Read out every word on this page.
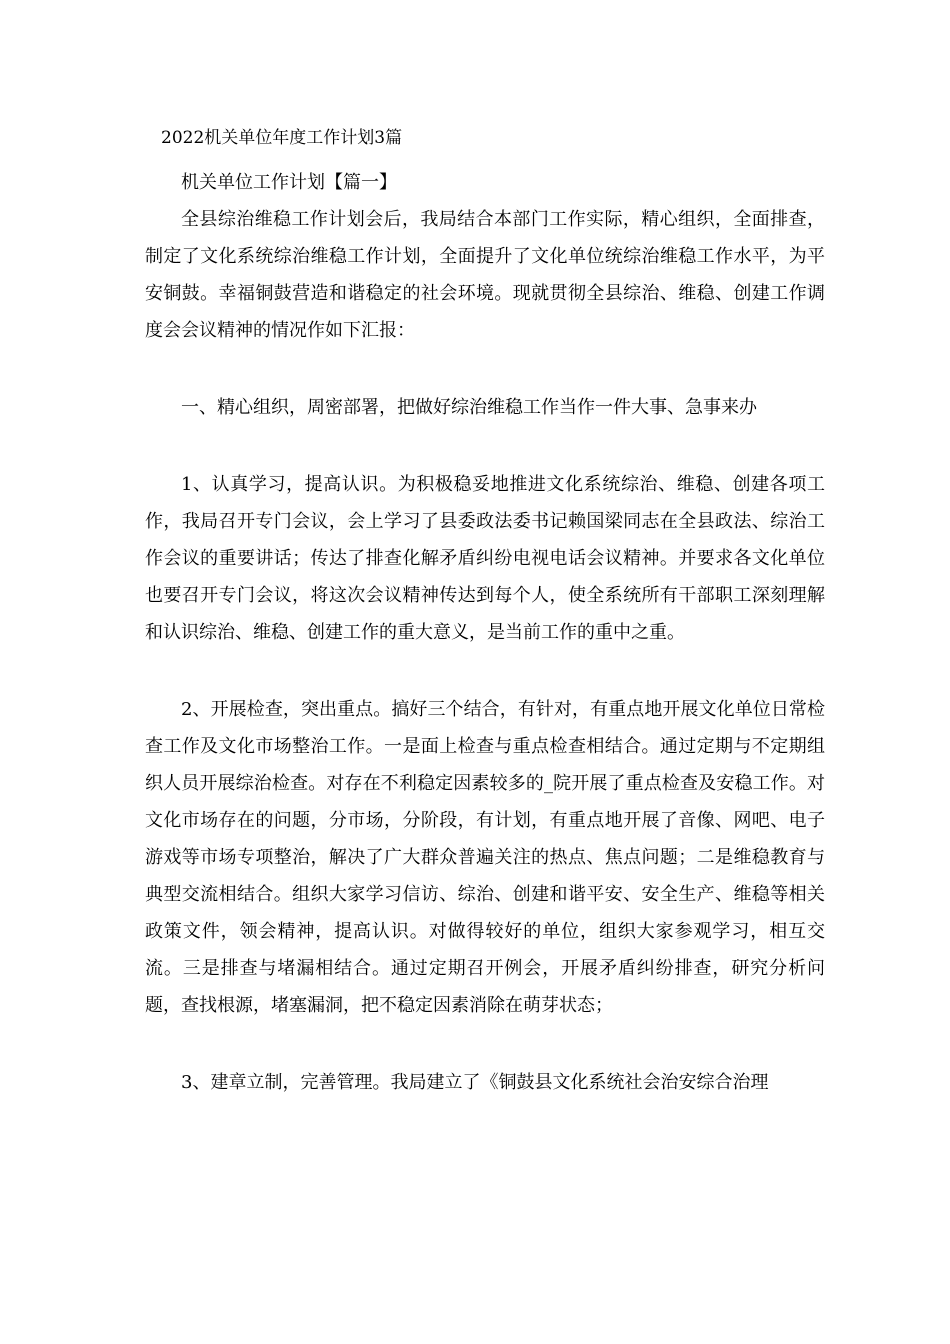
2022机关单位年度工作计划3篇

机关单位工作计划【篇一】

全县综治维稳工作计划会后，我局结合本部门工作实际，精心组织，全面排查，制定了文化系统综治维稳工作计划，全面提升了文化单位统综治维稳工作水平，为平安铜鼓。幸福铜鼓营造和谐稳定的社会环境。现就贯彻全县综治、维稳、创建工作调度会会议精神的情况作如下汇报：

一、精心组织，周密部署，把做好综治维稳工作当作一件大事、急事来办

1、认真学习，提高认识。为积极稳妥地推进文化系统综治、维稳、创建各项工作，我局召开专门会议，会上学习了县委政法委书记赖国梁同志在全县政法、综治工作会议的重要讲话；传达了排查化解矛盾纠纷电视电话会议精神。并要求各文化单位也要召开专门会议，将这次会议精神传达到每个人，使全系统所有干部职工深刻理解和认识综治、维稳、创建工作的重大意义，是当前工作的重中之重。

2、开展检查，突出重点。搞好三个结合，有针对，有重点地开展文化单位日常检查工作及文化市场整治工作。一是面上检查与重点检查相结合。通过定期与不定期组织人员开展综治检查。对存在不利稳定因素较多的_院开展了重点检查及安稳工作。对文化市场存在的问题，分市场，分阶段，有计划，有重点地开展了音像、网吧、电子游戏等市场专项整治，解决了广大群众普遍关注的热点、焦点问题；二是维稳教育与典型交流相结合。组织大家学习信访、综治、创建和谐平安、安全生产、维稳等相关政策文件，领会精神，提高认识。对做得较好的单位，组织大家参观学习，相互交流。三是排查与堵漏相结合。通过定期召开例会，开展矛盾纠纷排查，研究分析问题，查找根源，堵塞漏洞，把不稳定因素消除在萌芽状态；

3、建章立制，完善管理。我局建立了《铜鼓县文化系统社会治安综合治理
